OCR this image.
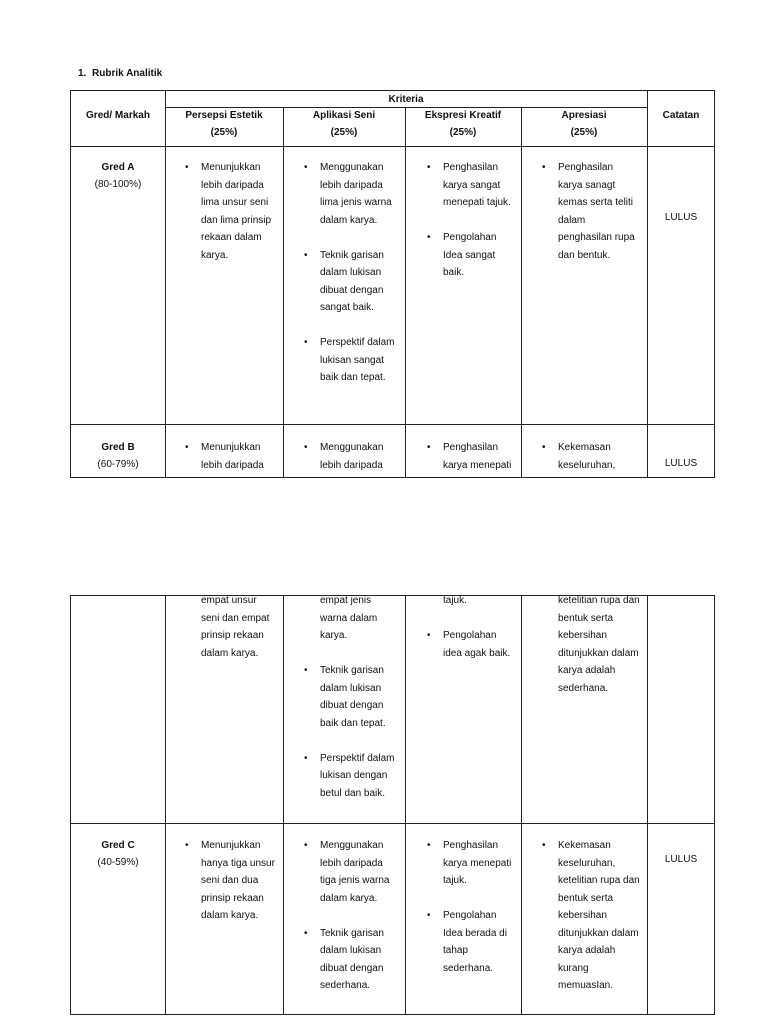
1. Rubrik Analitik
Kriteria
Gred/ Markah	Catatan
Persepsi Estetik
(25%)
Aplikasi Seni
(25%)
Ekspresi Kreatif
(25%)
Apresiasi
(25%)
Gred A
(80-100%)
• Menunjukkan
lebih daripada
lima unsur seni
dan lima prinsip
rekaan dalam
karya.
• Menggunakan
lebih daripada
lima jenis warna
dalam karya.
• Teknik garisan
dalam lukisan
dibuat dengan
sangat baik.
• Perspektif dalam
lukisan sangat
baik dan tepat.
• Penghasilan
karya sangat
menepati tajuk.
• Pengolahan
Idea sangat
baik.
• Penghasilan
karya sanagt
kemas serta teliti
dalam
penghasilan rupa
dan bentuk.
LULUS
Gred B
(60-79%)
• Menunjukkan
lebih daripada
• Menggunakan
lebih daripada
• Penghasilan
karya menepati
• Kekemasan
keseluruhan,	LULUS
empat unsur
seni dan empat
prinsip rekaan
dalam karya.
empat jenis
warna dalam
karya.
• Teknik garisan
dalam lukisan
dibuat dengan
baik dan tepat.
• Perspektif dalam
lukisan dengan
betul dan baik.
tajuk.
• Pengolahan
idea agak baik.
ketelitian rupa dan
bentuk serta
kebersihan
ditunjukkan dalam
karya adalah
sederhana.
Gred C
(40-59%)
• Menunjukkan
hanya tiga unsur
seni dan dua
prinsip rekaan
dalam karya.
• Menggunakan
lebih daripada
tiga jenis warna
dalam karya.
• Teknik garisan
dalam lukisan
dibuat dengan
sederhana.
• Penghasilan
karya menepati
tajuk.
• Pengolahan
Idea berada di
tahap
sederhana.
• Kekemasan
keseluruhan,
ketelitian rupa dan
bentuk serta
kebersihan
ditunjukkan dalam
karya adalah
kurang
memuasIan.
LULUS
